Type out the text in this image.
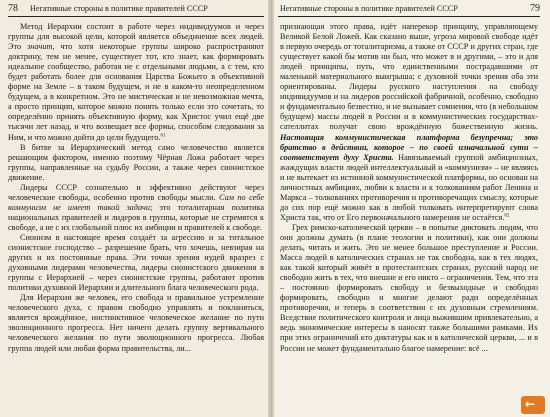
78 Негативные стороны в политике правителей СССР

Метод Иерархии состоит в работе через индивидуумов и через группы для высокой цели, которой является объединение всех людей. Это значит, что хотя некоторые группы широко распространяют доктрину, тем не менее, существует тот, кто знает, как формировать идеальное сообщество, работая не с отдельными людьми, а с тем, кто будет работать более для основания Царства Божьего в объективной форме на Земле – в таком будущем, и не в каком-то неопределенном будущем, а в конкретном. Это не мистическая и не невозможная мечта, а просто принцип, которое можно понять только если это сочетать, то определённо принять объективную форму, как Христос учил ещё две тысячи лет назад, и что возвещает все формы, способом следования за Ним, и что можно дойти до цели будущего.$^{61}$

В битве за Иерархический метод само человечество является решающим фактором, именно поэтому Чёрная Ложа работает через группы, направленные на судьбу России, а также через сионистское движение.

Лидеры СССР сознательно и эффективно действуют через человеческие свободы, особенно против свободы мысли. Сам по себе коммунизм не имеет такой задачи; это тоталитарная политика национальных правителей и лидеров в группы, которые не стремятся к свободе, а не с их глобальной плюс их амбиции и правителей к свободе.

Сионизм в настоящее время создаёт за агрессию и за тотальное сионистское господство – разрешение брать, что хочешь, невзирая на других и их постоянные права. Эти точки зрения иудей вразрез с духовными лидерами человечества, лидеры сионистского движения в группы с Иерархией – через сионистские группы, работают против политики духовной Иерархии и длительного блага человеческого рода.

Для Иерархии же человек, его свобода и правильное устремление человеческого духа, с правом свободно управлять и покланяться, является врождённое, инстинктивное человеческое желание по пути эволюционного прогресса. Нет ничего делать группу вертикального человеческого желания по пути эволюционного прогресса. Любая группа людей или любая форма правительства, ли...

Негативные стороны в политике правителей СССР	79

признающая этого права, идёт наперекор принципу, управляющему Великой Белой Ложей. Как сказано выше, угроза мировой свободе идёт в первую очередь от тоталитаризма, а также от СССР и других стран, где существует какой бы мотив ни был, что может в и другими, – это и для людей принципы, путь, что единственными пострадавшими от маленькой материального выигрыша; с духовной точки зрения оба эти ориентированы. Лидеры русского наступления на свободу индивидуумов и на лидеров российской фабричной, особенно, свободно и фундаментально безвестно, и не вызывает сомнения, что (в небольшом будущем) массы людей в России и в коммунистических государствах-сателлитах получат свою врождённую божественную жизнь. Настоящая коммунистическая платформа безупречна; это братство в действии, которое – по своей изначальной сути – соответствует духу Христа. Навязываемый группой амбициозных, жаждущих власти людей интеллектуальный и «коммунизм» – не являясь и не вытекает из истинной коммунистической платформы, но основан на личностных амбициях, любви к власти и к толкованиям работ Ленина и Маркса – толкованиях противоречия и противоречащих смыслу, которые до сих пор ещё можно как в любой толковать интерпретируют слова Христа так, что от Его первоначального намерения не остаётся.$^{62}$

Грех римско-католической церкви – в попытке диктовать людям, что они должны думать (в плане теологии и политики), как они должны делать, читать и жить. Это не менее большое преступление и России. Масса людей в католических странах не так свободна, как в тех людях, как такой который живёт в протестантских странах, русский народ не свободно жить в тех, что внешне и его никто – ограничения. Тем, что эта – постоянно формировать свободу и безвыходные и свободно формировать, свободно и многие делают ради определённых противоречия, и теперь в соответствии с их духовным стремлениям. Вседствие политического контроля и лица выжившим привлекательно, а ведь экономические интересы в наносят также большими рамками. Их при этих ограничений кто диктатуры как и в католической церкви, ... и в России не может фундаментально благое намерение: всё ...

←
